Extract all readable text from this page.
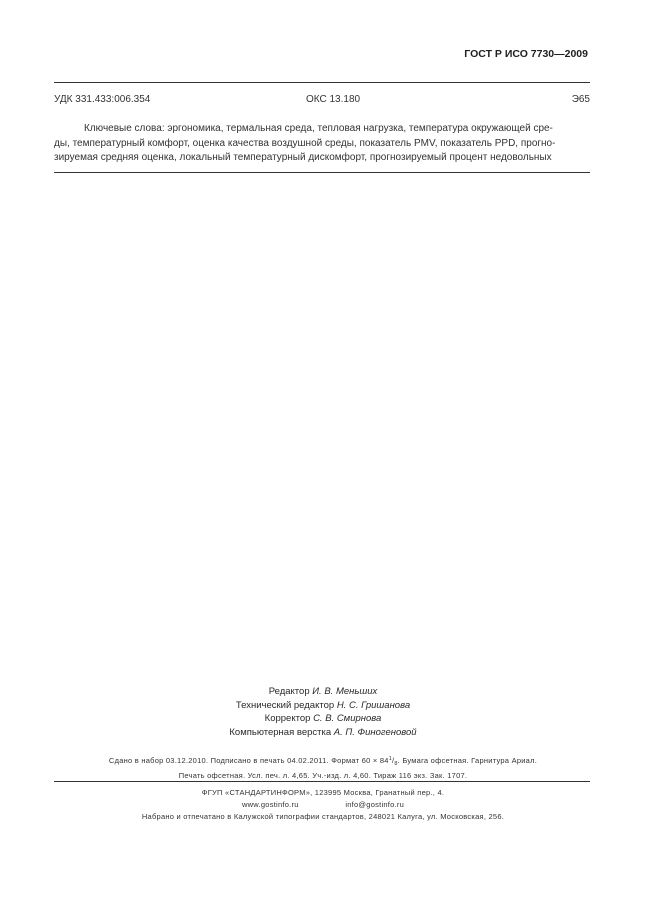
ГОСТ Р ИСО 7730—2009
УДК 331.433:006.354	ОКС 13.180	Э65
Ключевые слова: эргономика, термальная среда, тепловая нагрузка, температура окружающей сре-
ды, температурный комфорт, оценка качества воздушной среды, показатель PMV, показатель PPD, прогно-
зируемая средняя оценка, локальный температурный дискомфорт, прогнозируемый процент недовольных
Редактор И. В. Меньших
Технический редактор Н. С. Гришанова
Корректор С. В. Смирнова
Компьютерная верстка А. П. Финогеновой
Сдано в набор 03.12.2010. Подписано в печать 04.02.2011. Формат $60 \times 84^1/_8$. Бумага офсетная. Гарнитура Ариал.
Печать офсетная. Усл. печ. л. 4,65. Уч.-изд. л. 4,60. Тираж 116 экз. Зак. 1707.
ФГУП «СТАНДАРТИНФОРМ», 123995 Москва, Гранатный пер., 4.
www.gostinfo.ru	info@gostinfo.ru
Набрано и отпечатано в Калужской типографии стандартов, 248021 Калуга, ул. Московская, 256.
